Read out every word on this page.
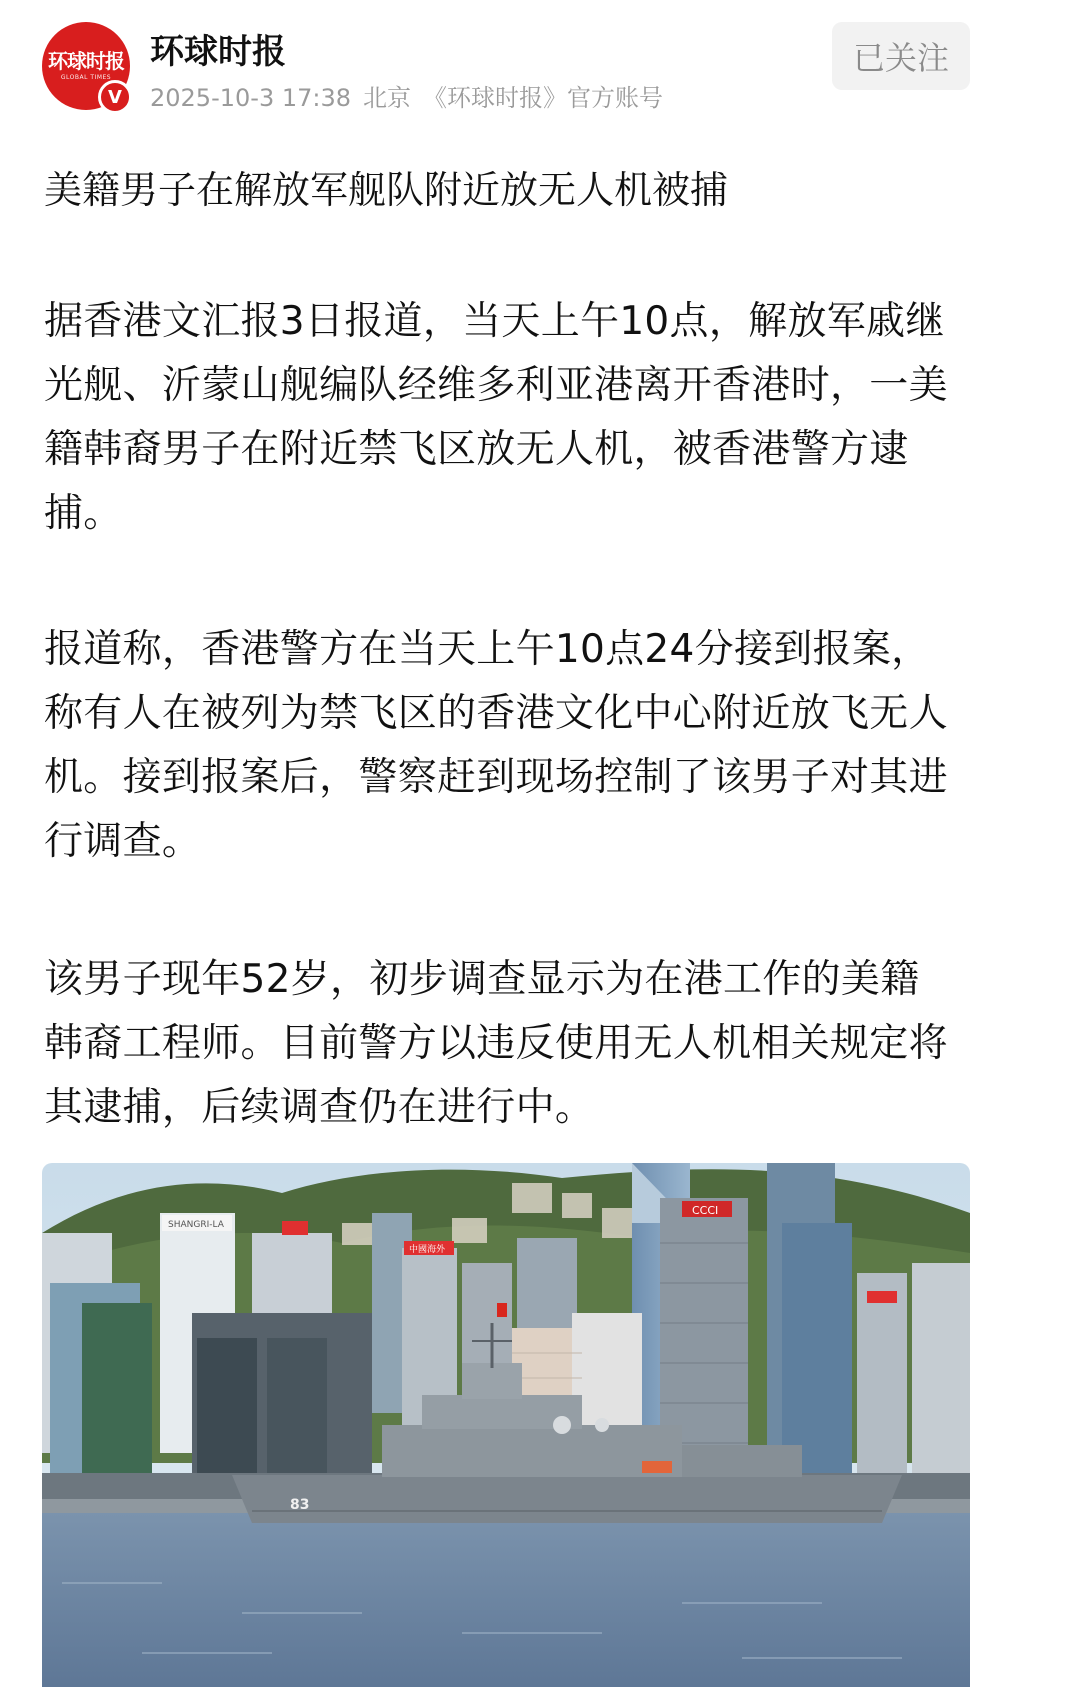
环球时报
GLOBAL TIMES
V
环球时报
2025-10-3 17:38 北京 《环球时报》官方账号
已关注
美籍男子在解放军舰队附近放无人机被捕
据香港文汇报3日报道，当天上午10点，解放军戚继光舰、沂蒙山舰编队经维多利亚港离开香港时，一美籍韩裔男子在附近禁飞区放无人机，被香港警方逮捕。
报道称，香港警方在当天上午10点24分接到报案，称有人在被列为禁飞区的香港文化中心附近放飞无人机。接到报案后，警察赶到现场控制了该男子对其进行调查。
该男子现年52岁，初步调查显示为在港工作的美籍韩裔工程师。目前警方以违反使用无人机相关规定将其逮捕，后续调查仍在进行中。
SHANGRI-LA
中國海外
CCCI
83
